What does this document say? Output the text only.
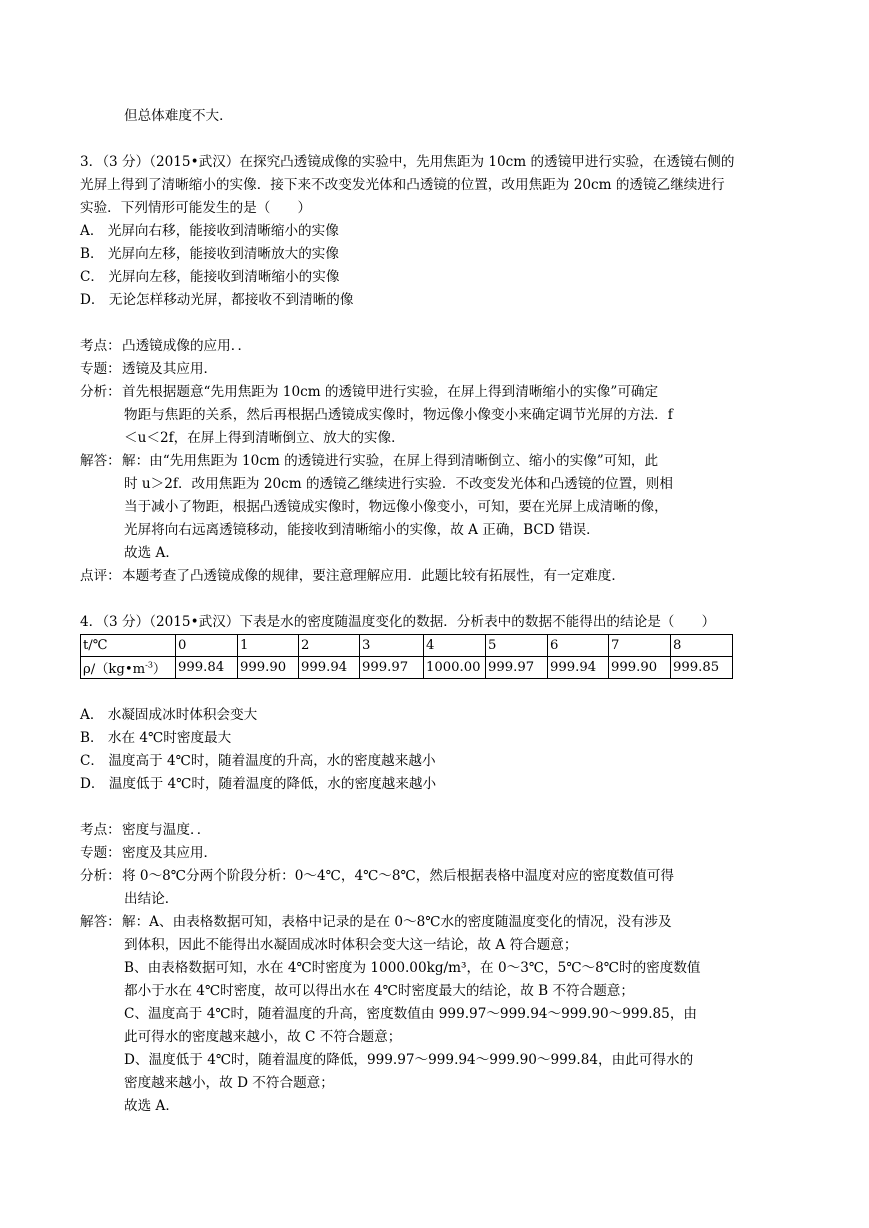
但总体难度不大．
3．（3 分）（2015•武汉）在探究凸透镜成像的实验中，先用焦距为 10cm 的透镜甲进行实验，在透镜右侧的
光屏上得到了清晰缩小的实像．接下来不改变发光体和凸透镜的位置，改用焦距为 20cm 的透镜乙继续进行
实验．下列情形可能发生的是（　　）
A． 光屏向右移，能接收到清晰缩小的实像
B． 光屏向左移，能接收到清晰放大的实像
C． 光屏向左移，能接收到清晰缩小的实像
D． 无论怎样移动光屏，都接收不到清晰的像
考点： 凸透镜成像的应用．．
专题： 透镜及其应用．
分析： 首先根据题意“先用焦距为 10cm 的透镜甲进行实验，在屏上得到清晰缩小的实像”可确定
物距与焦距的关系，然后再根据凸透镜成实像时，物远像小像变小来确定调节光屏的方法．f
＜u＜2f，在屏上得到清晰倒立、放大的实像．
解答： 解：由“先用焦距为 10cm 的透镜进行实验，在屏上得到清晰倒立、缩小的实像”可知，此
时 u＞2f．改用焦距为 20cm 的透镜乙继续进行实验．不改变发光体和凸透镜的位置，则相
当于减小了物距，根据凸透镜成实像时，物远像小像变小，可知，要在光屏上成清晰的像，
光屏将向右远离透镜移动，能接收到清晰缩小的实像，故 A 正确，BCD 错误．
故选 A．
点评： 本题考查了凸透镜成像的规律，要注意理解应用．此题比较有拓展性，有一定难度．
4．（3 分）（2015•武汉）下表是水的密度随温度变化的数据．分析表中的数据不能得出的结论是（　　）
t/℃	0	1	2	3	4	5	6	7	8
$\rho/(kg•m^{-3})$	999.84	999.90	999.94	999.97	1000.00	999.97	999.94	999.90	999.85
A． 水凝固成冰时体积会变大
B． 水在 4℃时密度最大
C． 温度高于 4℃时，随着温度的升高，水的密度越来越小
D． 温度低于 4℃时，随着温度的降低，水的密度越来越小
考点： 密度与温度．．
专题： 密度及其应用．
分析： 将 0～8℃分两个阶段分析：0～4℃，4℃～8℃，然后根据表格中温度对应的密度数值可得
出结论．
解答： 解：A、由表格数据可知，表格中记录的是在 0～8℃水的密度随温度变化的情况，没有涉及
到体积，因此不能得出水凝固成冰时体积会变大这一结论，故 A 符合题意；
B、由表格数据可知，水在 4℃时密度为 1000.00kg/m³，在 0～3℃，5℃～8℃时的密度数值
都小于水在 4℃时密度，故可以得出水在 4℃时密度最大的结论，故 B 不符合题意；
C、温度高于 4℃时，随着温度的升高，密度数值由 999.97～999.94～999.90～999.85，由
此可得水的密度越来越小，故 C 不符合题意；
D、温度低于 4℃时，随着温度的降低，999.97～999.94～999.90～999.84，由此可得水的
密度越来越小，故 D 不符合题意；
故选 A．
